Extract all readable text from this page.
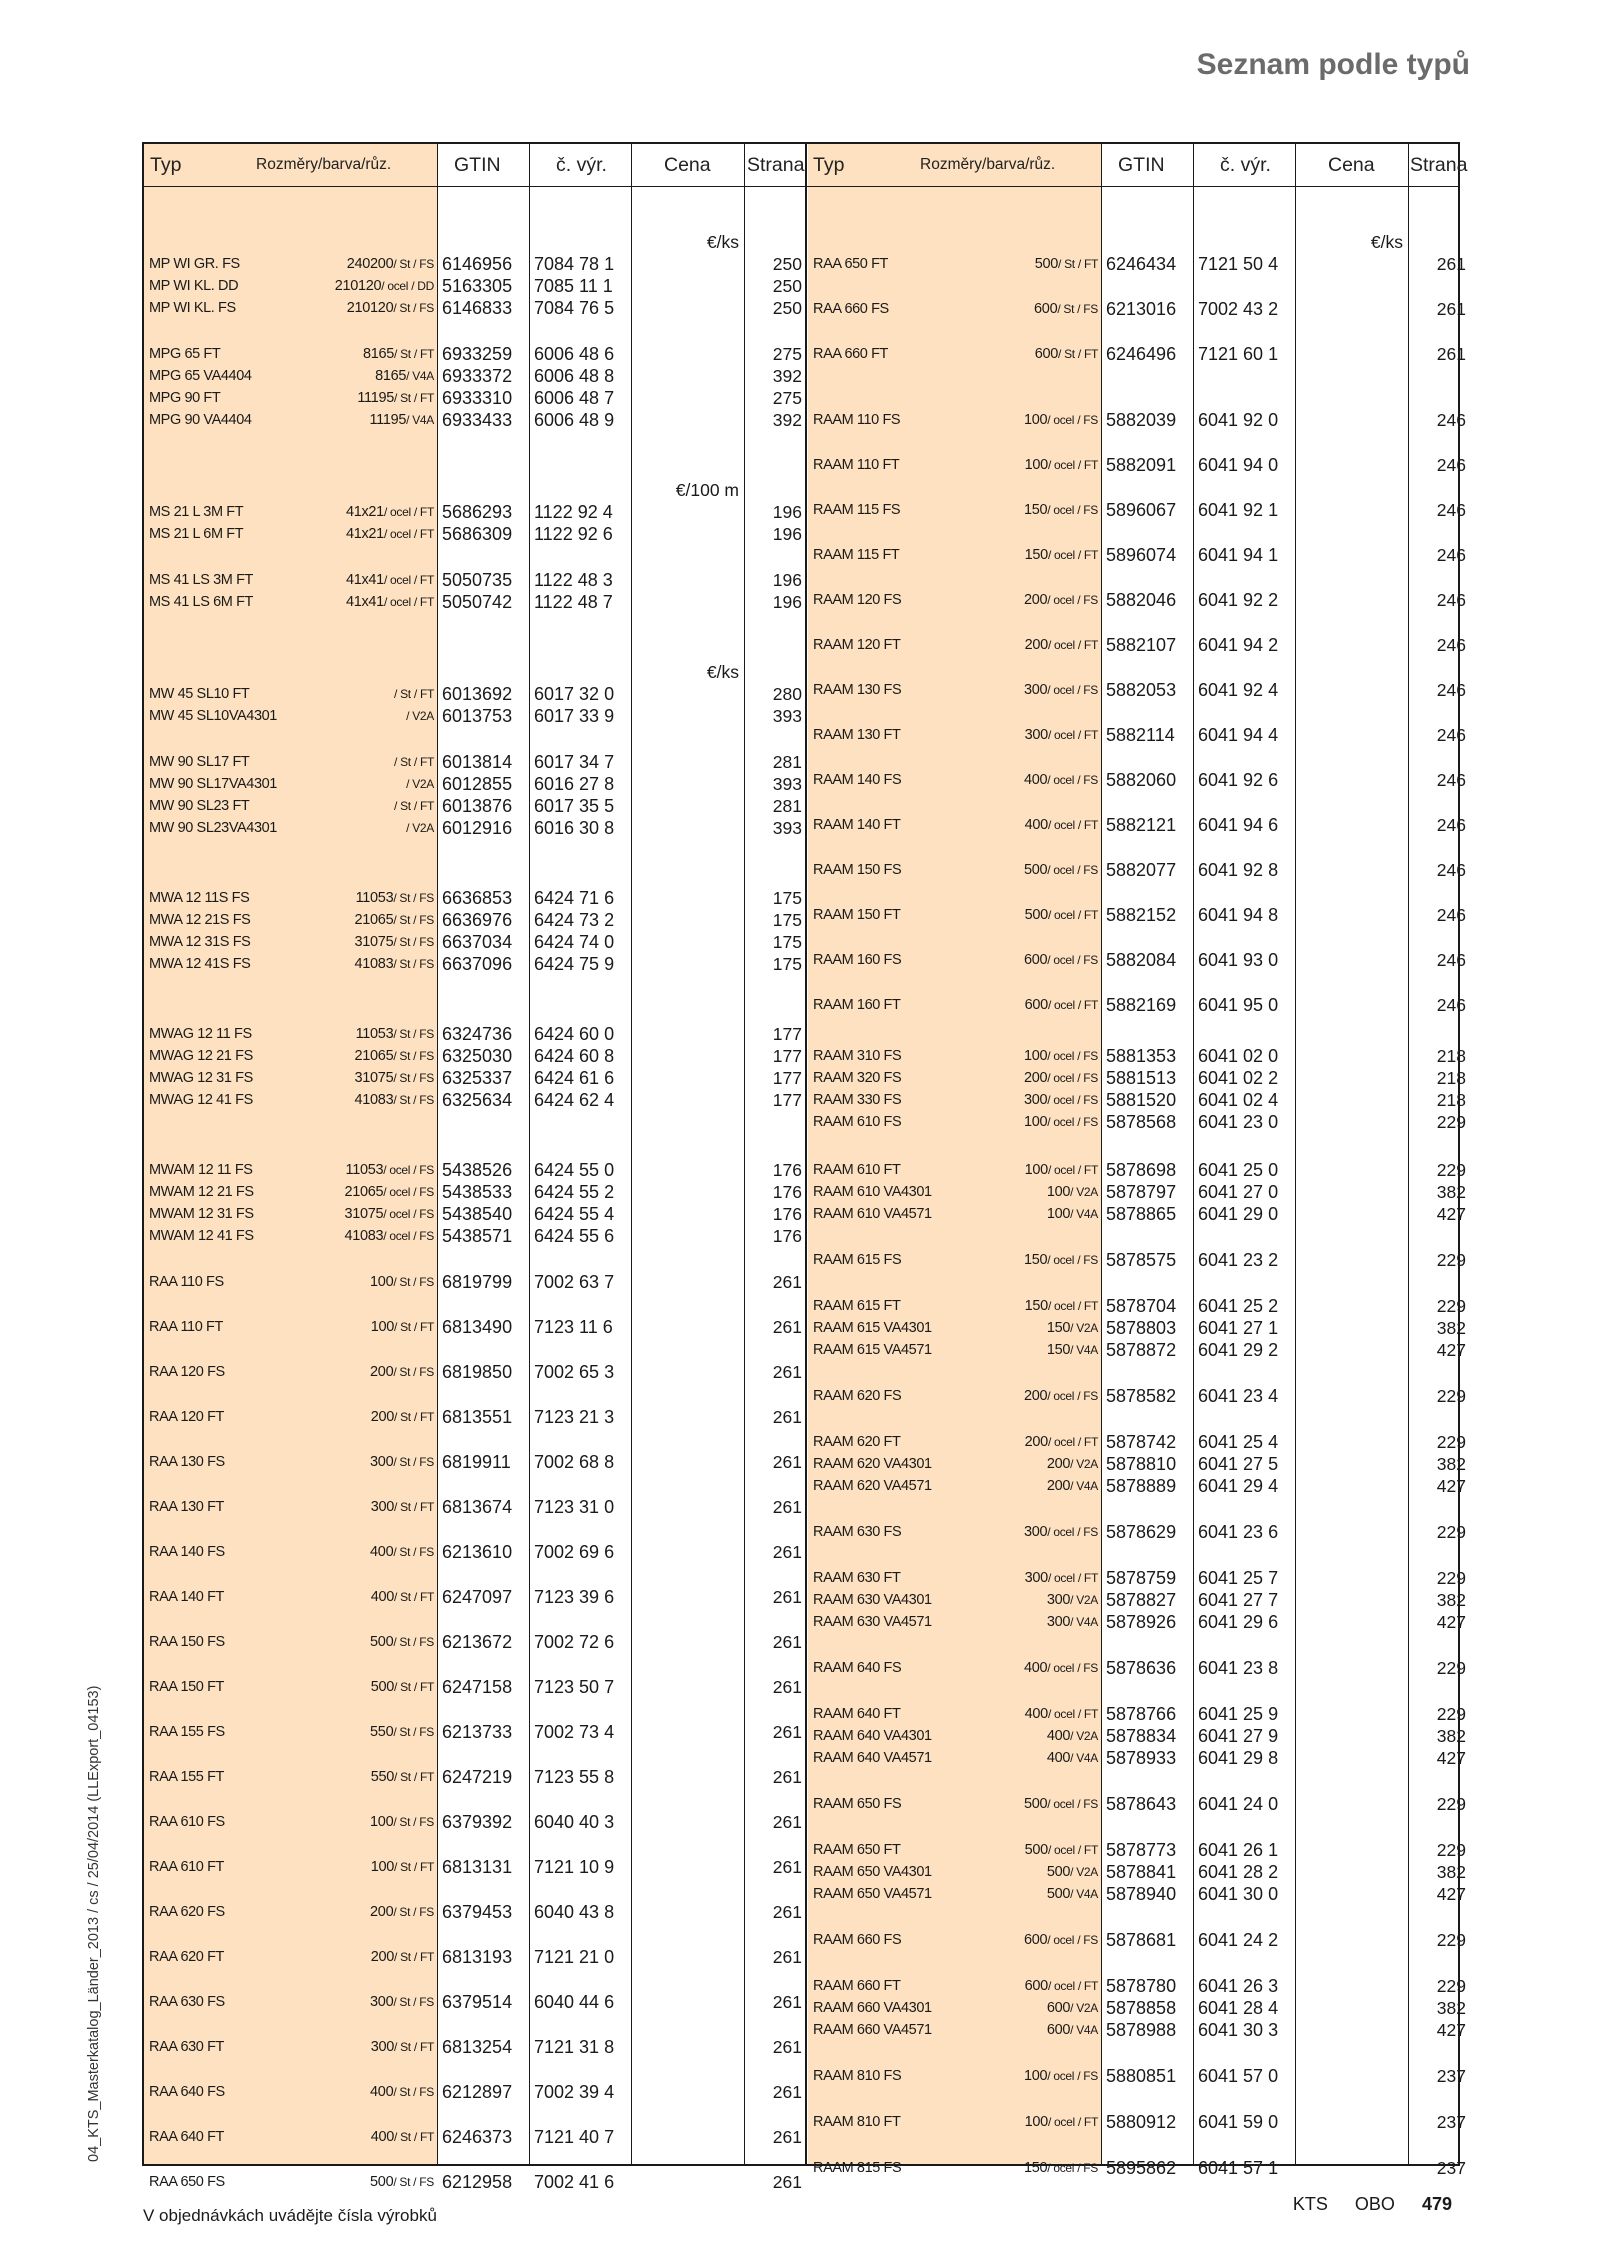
Seznam podle typů
04_KTS_Masterkatalog_Länder_2013 / cs / 25/04/2014 (LLExport_04153)
Typ	Rozměry/barva/růz.	GTIN	č. výr.	Cena Strana Typ	Rozměry/barva/růz.	GTIN	č. výr.	Cena Strana
€/ks
MP WI GR. FS	240200/ St / FS 6146956	7084 78 1	250
MP WI KL. DD	210120/ ocel / DD 5163305	7085 11 1	250
MP WI KL. FS	210120/ St / FS 6146833	7084 76 5	250
MPG 65 FT	8165/ St / FT 6933259	6006 48 6	275
MPG 65 VA4404	8165/ V4A 6933372	6006 48 8	392
MPG 90 FT	11195/ St / FT 6933310	6006 48 7	275
MPG 90 VA4404	11195/ V4A 6933433	6006 48 9	392
€/100 m
MS 21 L 3M FT	41x21/ ocel / FT 5686293	1122 92 4	196
MS 21 L 6M FT	41x21/ ocel / FT 5686309	1122 92 6	196
MS 41 LS 3M FT	41x41/ ocel / FT 5050735	1122 48 3	196
MS 41 LS 6M FT	41x41/ ocel / FT 5050742	1122 48 7	196
€/ks
MW 45 SL10 FT	/ St / FT 6013692	6017 32 0	280
MW 45 SL10VA4301	/ V2A 6013753	6017 33 9	393
MW 90 SL17 FT	/ St / FT 6013814	6017 34 7	281
MW 90 SL17VA4301	/ V2A 6012855	6016 27 8	393
MW 90 SL23 FT	/ St / FT 6013876	6017 35 5	281
MW 90 SL23VA4301	/ V2A 6012916	6016 30 8	393
MWA 12 11S FS	11053/ St / FS 6636853	6424 71 6	175
MWA 12 21S FS	21065/ St / FS 6636976	6424 73 2	175
MWA 12 31S FS	31075/ St / FS 6637034	6424 74 0	175
MWA 12 41S FS	41083/ St / FS 6637096	6424 75 9	175
MWAG 12 11 FS	11053/ St / FS 6324736	6424 60 0	177
MWAG 12 21 FS	21065/ St / FS 6325030	6424 60 8	177
MWAG 12 31 FS	31075/ St / FS 6325337	6424 61 6	177
MWAG 12 41 FS	41083/ St / FS 6325634	6424 62 4	177
MWAM 12 11 FS	11053/ ocel / FS 5438526	6424 55 0	176
MWAM 12 21 FS	21065/ ocel / FS 5438533	6424 55 2	176
MWAM 12 31 FS	31075/ ocel / FS 5438540	6424 55 4	176
MWAM 12 41 FS	41083/ ocel / FS 5438571	6424 55 6	176
RAA 110 FS	100/ St / FS 6819799	7002 63 7	261
RAA 110 FT	100/ St / FT 6813490	7123 11 6	261
RAA 120 FS	200/ St / FS 6819850	7002 65 3	261
RAA 120 FT	200/ St / FT 6813551	7123 21 3	261
RAA 130 FS	300/ St / FS 6819911	7002 68 8	261
RAA 130 FT	300/ St / FT 6813674	7123 31 0	261
RAA 140 FS	400/ St / FS 6213610	7002 69 6	261
RAA 140 FT	400/ St / FT 6247097	7123 39 6	261
RAA 150 FS	500/ St / FS 6213672	7002 72 6	261
RAA 150 FT	500/ St / FT 6247158	7123 50 7	261
RAA 155 FS	550/ St / FS 6213733	7002 73 4	261
RAA 155 FT	550/ St / FT 6247219	7123 55 8	261
RAA 610 FS	100/ St / FS 6379392	6040 40 3	261
RAA 610 FT	100/ St / FT 6813131	7121 10 9	261
RAA 620 FS	200/ St / FS 6379453	6040 43 8	261
RAA 620 FT	200/ St / FT 6813193	7121 21 0	261
RAA 630 FS	300/ St / FS 6379514	6040 44 6	261
RAA 630 FT	300/ St / FT 6813254	7121 31 8	261
RAA 640 FS	400/ St / FS 6212897	7002 39 4	261
RAA 640 FT	400/ St / FT 6246373	7121 40 7	261
RAA 650 FS	500/ St / FS 6212958	7002 41 6	261
€/ks
RAA 650 FT	500/ St / FT 6246434	7121 50 4	261
RAA 660 FS	600/ St / FS 6213016	7002 43 2	261
RAA 660 FT	600/ St / FT 6246496	7121 60 1	261
RAAM 110 FS	100/ ocel / FS 5882039	6041 92 0	246
RAAM 110 FT	100/ ocel / FT 5882091	6041 94 0	246
RAAM 115 FS	150/ ocel / FS 5896067	6041 92 1	246
RAAM 115 FT	150/ ocel / FT 5896074	6041 94 1	246
RAAM 120 FS	200/ ocel / FS 5882046	6041 92 2	246
RAAM 120 FT	200/ ocel / FT 5882107	6041 94 2	246
RAAM 130 FS	300/ ocel / FS 5882053	6041 92 4	246
RAAM 130 FT	300/ ocel / FT 5882114	6041 94 4	246
RAAM 140 FS	400/ ocel / FS 5882060	6041 92 6	246
RAAM 140 FT	400/ ocel / FT 5882121	6041 94 6	246
RAAM 150 FS	500/ ocel / FS 5882077	6041 92 8	246
RAAM 150 FT	500/ ocel / FT 5882152	6041 94 8	246
RAAM 160 FS	600/ ocel / FS 5882084	6041 93 0	246
RAAM 160 FT	600/ ocel / FT 5882169	6041 95 0	246
RAAM 310 FS	100/ ocel / FS 5881353	6041 02 0	218
RAAM 320 FS	200/ ocel / FS 5881513	6041 02 2	218
RAAM 330 FS	300/ ocel / FS 5881520	6041 02 4	218
RAAM 610 FS	100/ ocel / FS 5878568	6041 23 0	229
RAAM 610 FT	100/ ocel / FT 5878698	6041 25 0	229
RAAM 610 VA4301	100/ V2A 5878797	6041 27 0	382
RAAM 610 VA4571	100/ V4A 5878865	6041 29 0	427
RAAM 615 FS	150/ ocel / FS 5878575	6041 23 2	229
RAAM 615 FT	150/ ocel / FT 5878704	6041 25 2	229
RAAM 615 VA4301	150/ V2A 5878803	6041 27 1	382
RAAM 615 VA4571	150/ V4A 5878872	6041 29 2	427
RAAM 620 FS	200/ ocel / FS 5878582	6041 23 4	229
RAAM 620 FT	200/ ocel / FT 5878742	6041 25 4	229
RAAM 620 VA4301	200/ V2A 5878810	6041 27 5	382
RAAM 620 VA4571	200/ V4A 5878889	6041 29 4	427
RAAM 630 FS	300/ ocel / FS 5878629	6041 23 6	229
RAAM 630 FT	300/ ocel / FT 5878759	6041 25 7	229
RAAM 630 VA4301	300/ V2A 5878827	6041 27 7	382
RAAM 630 VA4571	300/ V4A 5878926	6041 29 6	427
RAAM 640 FS	400/ ocel / FS 5878636	6041 23 8	229
RAAM 640 FT	400/ ocel / FT 5878766	6041 25 9	229
RAAM 640 VA4301	400/ V2A 5878834	6041 27 9	382
RAAM 640 VA4571	400/ V4A 5878933	6041 29 8	427
RAAM 650 FS	500/ ocel / FS 5878643	6041 24 0	229
RAAM 650 FT	500/ ocel / FT 5878773	6041 26 1	229
RAAM 650 VA4301	500/ V2A 5878841	6041 28 2	382
RAAM 650 VA4571	500/ V4A 5878940	6041 30 0	427
RAAM 660 FS	600/ ocel / FS 5878681	6041 24 2	229
RAAM 660 FT	600/ ocel / FT 5878780	6041 26 3	229
RAAM 660 VA4301	600/ V2A 5878858	6041 28 4	382
RAAM 660 VA4571	600/ V4A 5878988	6041 30 3	427
RAAM 810 FS	100/ ocel / FS 5880851	6041 57 0	237
RAAM 810 FT	100/ ocel / FT 5880912	6041 59 0	237
RAAM 815 FS	150/ ocel / FS 5895862	6041 57 1	237
V objednávkách uvádějte čísla výrobků
KTS OBO 479
